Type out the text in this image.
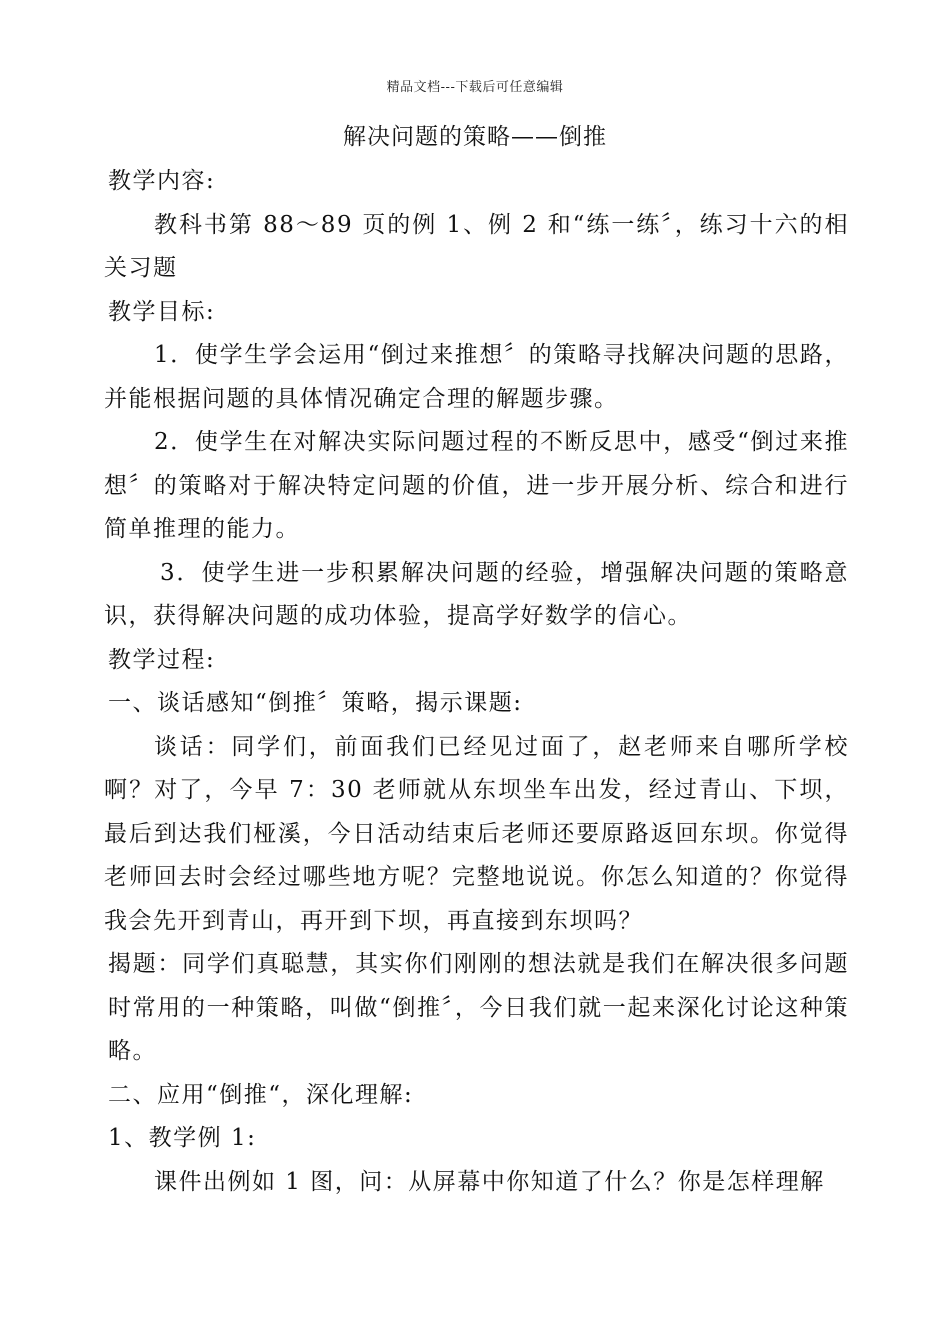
精品文档---下载后可任意编辑
解决问题的策略——倒推

教学内容:

教科书第 88～89 页的例 1、例 2 和“练一练〞，练习十六的相关习题

教学目标:

1．使学生学会运用“倒过来推想〞的策略寻找解决问题的思路，并能根据问题的具体情况确定合理的解题步骤。

2．使学生在对解决实际问题过程的不断反思中，感受“倒过来推想〞的策略对于解决特定问题的价值，进一步开展分析、综合和进行简单推理的能力。

3．使学生进一步积累解决问题的经验，增强解决问题的策略意识，获得解决问题的成功体验，提高学好数学的信心。

教学过程:

一、谈话感知“倒推〞策略，揭示课题:

谈话：同学们，前面我们已经见过面了，赵老师来自哪所学校啊？对了，今早 7：30 老师就从东坝坐车出发，经过青山、下坝，最后到达我们桠溪，今日活动结束后老师还要原路返回东坝。你觉得老师回去时会经过哪些地方呢？完整地说说。你怎么知道的？你觉得我会先开到青山，再开到下坝，再直接到东坝吗？

揭题：同学们真聪慧，其实你们刚刚的想法就是我们在解决很多问题时常用的一种策略，叫做“倒推〞，今日我们就一起来深化讨论这种策略。

二、应用“倒推“，深化理解:

1、教学例 1:

课件出例如 1 图，问：从屏幕中你知道了什么？你是怎样理解
